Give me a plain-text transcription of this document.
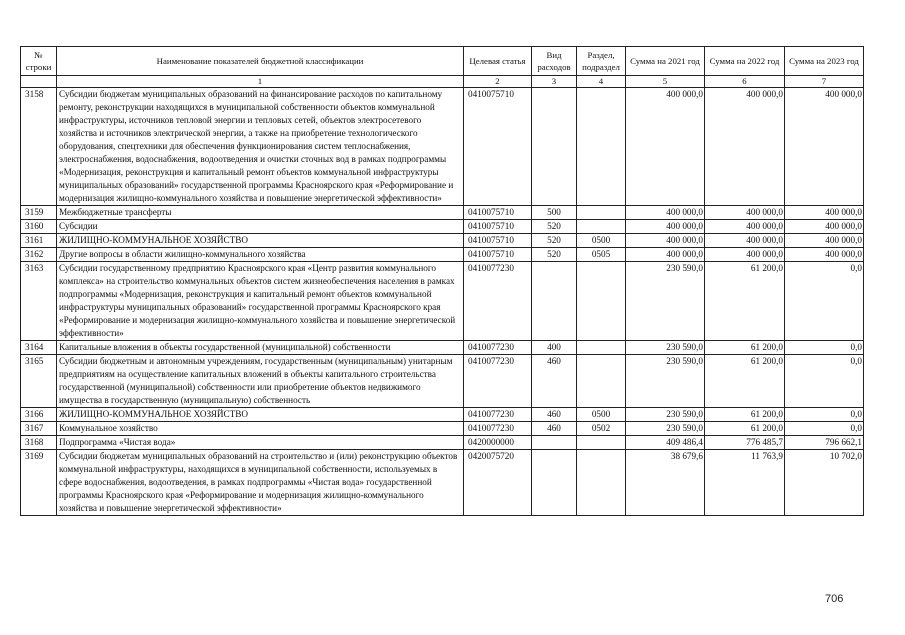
№ строки	Наименование показателей бюджетной классификации	Целевая статья	Вид расходов	Раздел, подраздел	Сумма на 2021 год	Сумма на 2022 год	Сумма на 2023 год
	1	2	3	4	5	6	7
3158	Субсидии бюджетам муниципальных образований на финансирование расходов по капитальному ремонту, реконструкции находящихся в муниципальной собственности объектов коммунальной инфраструктуры, источников тепловой энергии и тепловых сетей, объектов электросетевого хозяйства и источников электрической энергии, а также на приобретение технологического оборудования, спецтехники для обеспечения функционирования систем теплоснабжения, электроснабжения, водоснабжения, водоотведения и очистки сточных вод в рамках подпрограммы «Модернизация, реконструкция и капитальный ремонт объектов коммунальной инфраструктуры муниципальных образований» государственной программы Красноярского края «Реформирование и модернизация жилищно-коммунального хозяйства и повышение энергетической эффективности»	0410075710			400 000,0	400 000,0	400 000,0
3159	Межбюджетные трансферты	0410075710	500		400 000,0	400 000,0	400 000,0
3160	Субсидии	0410075710	520		400 000,0	400 000,0	400 000,0
3161	ЖИЛИЩНО-КОММУНАЛЬНОЕ ХОЗЯЙСТВО	0410075710	520	0500	400 000,0	400 000,0	400 000,0
3162	Другие вопросы в области жилищно-коммунального хозяйства	0410075710	520	0505	400 000,0	400 000,0	400 000,0
3163	Субсидии государственному предприятию Красноярского края «Центр развития коммунального комплекса» на строительство коммунальных объектов систем жизнеобеспечения населения в рамках подпрограммы «Модернизация, реконструкция и капитальный ремонт объектов коммунальной инфраструктуры муниципальных образований» государственной программы Красноярского края «Реформирование и модернизация жилищно-коммунального хозяйства и повышение энергетической эффективности»	0410077230			230 590,0	61 200,0	0,0
3164	Капитальные вложения в объекты государственной (муниципальной) собственности	0410077230	400		230 590,0	61 200,0	0,0
3165	Субсидии бюджетным и автономным учреждениям, государственным (муниципальным) унитарным предприятиям на осуществление капитальных вложений в объекты капитального строительства государственной (муниципальной) собственности или приобретение объектов недвижимого имущества в государственную (муниципальную) собственность	0410077230	460		230 590,0	61 200,0	0,0
3166	ЖИЛИЩНО-КОММУНАЛЬНОЕ ХОЗЯЙСТВО	0410077230	460	0500	230 590,0	61 200,0	0,0
3167	Коммунальное хозяйство	0410077230	460	0502	230 590,0	61 200,0	0,0
3168	Подпрограмма «Чистая вода»	0420000000			409 486,4	776 485,7	796 662,1
3169	Субсидии бюджетам муниципальных образований на строительство и (или) реконструкцию объектов коммунальной инфраструктуры, находящихся в муниципальной собственности, используемых в сфере водоснабжения, водоотведения, в рамках подпрограммы «Чистая вода» государственной программы Красноярского края «Реформирование и модернизация жилищно-коммунального хозяйства и повышение энергетической эффективности»	0420075720			38 679,6	11 763,9	10 702,0
706
